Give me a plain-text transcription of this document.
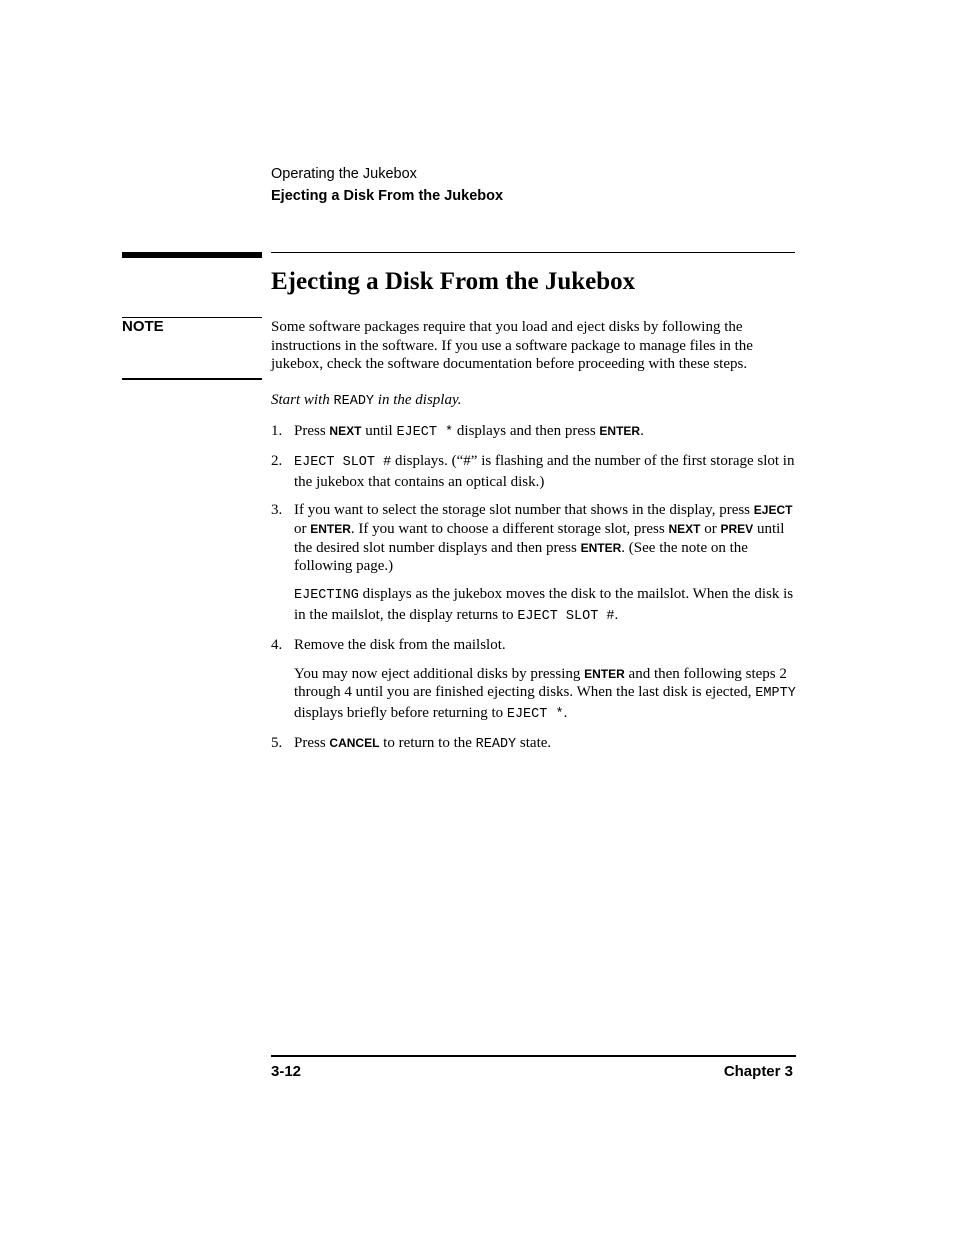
Operating the Jukebox
Ejecting a Disk From the Jukebox
Ejecting a Disk From the Jukebox
NOTE	Some software packages require that you load and eject disks by following the instructions in the software. If you use a software package to manage files in the jukebox, check the software documentation before proceeding with these steps.
Start with READY in the display.
1. Press NEXT until EJECT * displays and then press ENTER.

2. EJECT SLOT # displays. (“#” is flashing and the number of the first storage slot in the jukebox that contains an optical disk.)

3. If you want to select the storage slot number that shows in the display, press EJECT or ENTER. If you want to choose a different storage slot, press NEXT or PREV until the desired slot number displays and then press ENTER. (See the note on the following page.)

EJECTING displays as the jukebox moves the disk to the mailslot. When the disk is in the mailslot, the display returns to EJECT SLOT #.

4. Remove the disk from the mailslot.

You may now eject additional disks by pressing ENTER and then following steps 2 through 4 until you are finished ejecting disks. When the last disk is ejected, EMPTY displays briefly before returning to EJECT *.

5. Press CANCEL to return to the READY state.

3-12	Chapter 3
